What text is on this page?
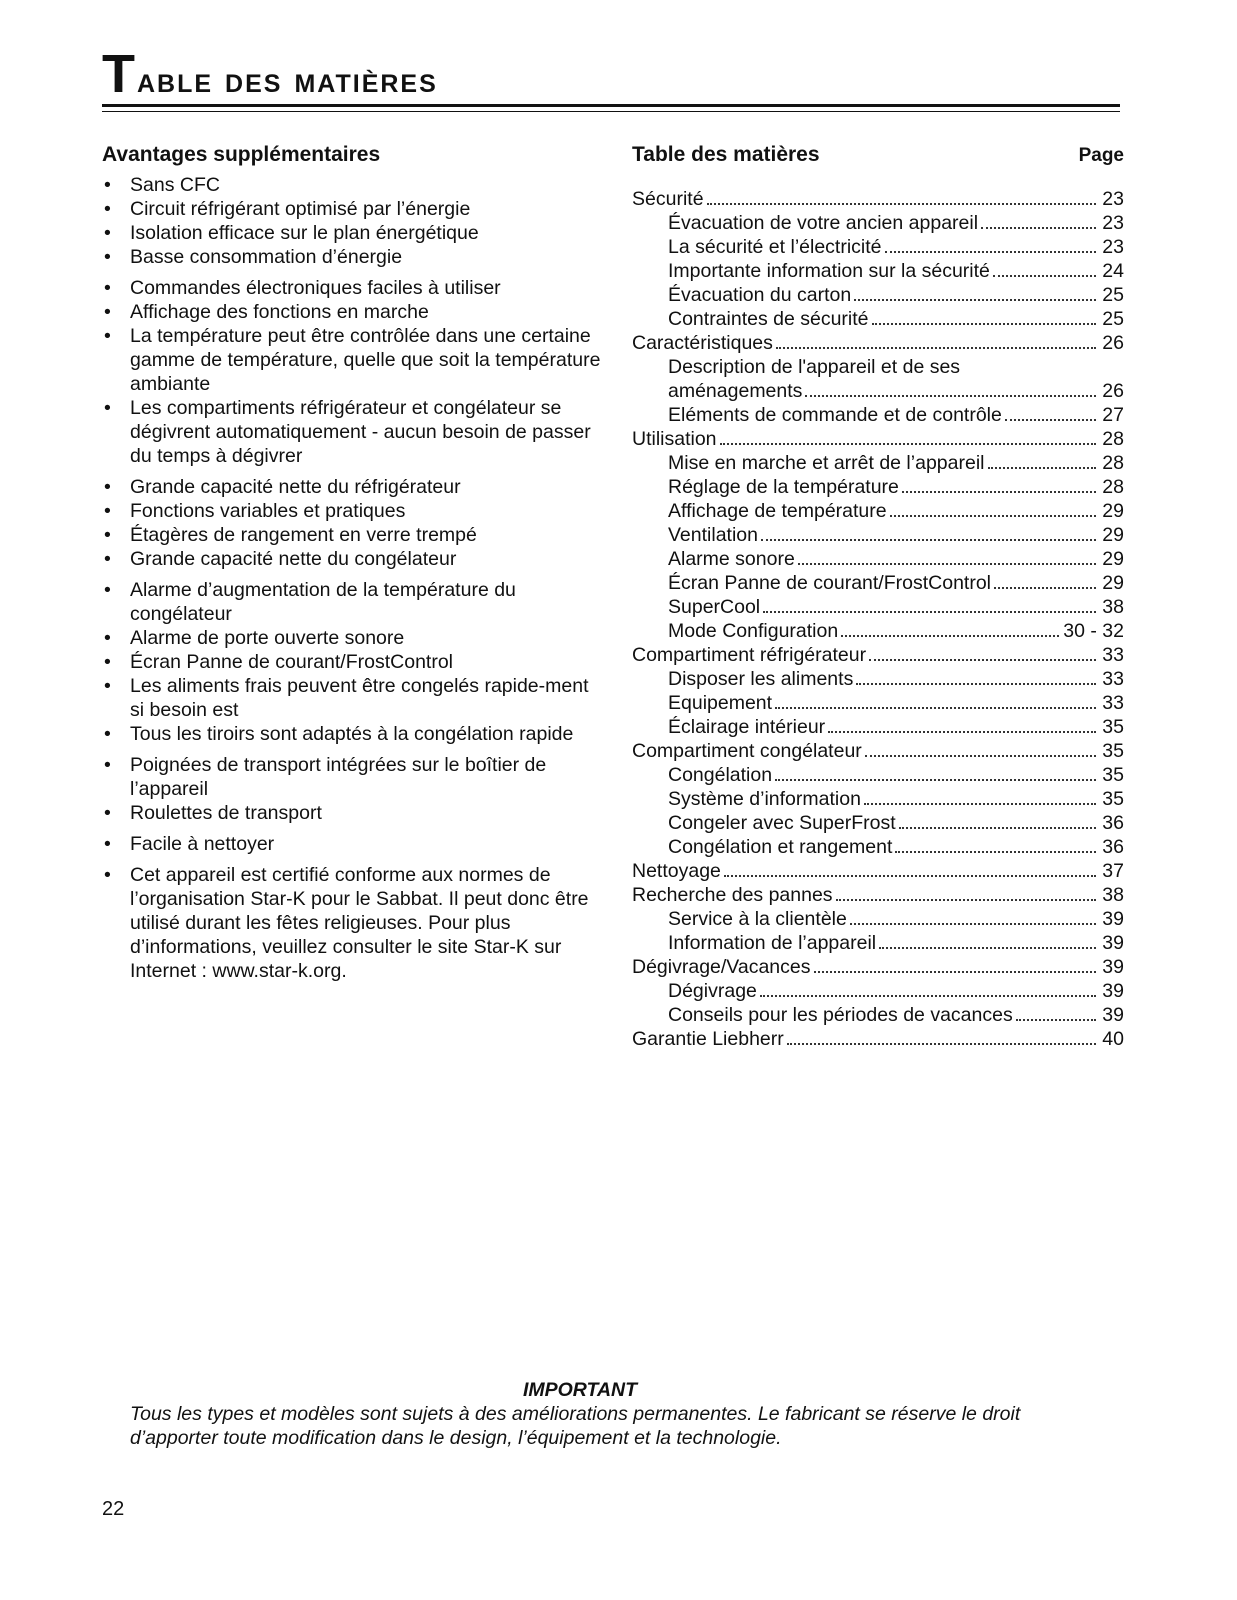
Table des matières
Avantages supplémentaires
• Sans CFC
• Circuit réfrigérant optimisé par l’énergie
• Isolation efficace sur le plan énergétique
• Basse consommation d’énergie
• Commandes électroniques faciles à utiliser
• Affichage des fonctions en marche
• La température peut être contrôlée dans une certaine gamme de température, quelle que soit la température ambiante
• Les compartiments réfrigérateur et congélateur se dégivrent automatiquement - aucun besoin de passer du temps à dégivrer
• Grande capacité nette du réfrigérateur
• Fonctions variables et pratiques
• Étagères de rangement en verre trempé
• Grande capacité nette du congélateur
• Alarme d’augmentation de la température du congélateur
• Alarme de porte ouverte sonore
• Écran Panne de courant/FrostControl
• Les aliments frais peuvent être congelés rapide-ment si besoin est
• Tous les tiroirs sont adaptés à la congélation rapide
• Poignées de transport intégrées sur le boîtier de l’appareil
• Roulettes de transport
• Facile à nettoyer
• Cet appareil est certifié conforme aux normes de l’organisation Star-K pour le Sabbat. Il peut donc être utilisé durant les fêtes religieuses. Pour plus d’informations, veuillez consulter le site Star-K sur Internet : www.star-k.org.
Table des matières	Page
Sécurité	23
Évacuation de votre ancien appareil	23
La sécurité et l’électricité	23
Importante information sur la sécurité	24
Évacuation du carton	25
Contraintes de sécurité	25
Caractéristiques	26
Description de l'appareil et de ses
aménagements	26
Eléments de commande et de contrôle	27
Utilisation	28
Mise en marche et arrêt de l’appareil	28
Réglage de la température	28
Affichage de température	29
Ventilation	29
Alarme sonore	29
Écran Panne de courant/FrostControl	29
SuperCool	38
Mode Configuration	30 - 32
Compartiment réfrigérateur	33
Disposer les aliments	33
Equipement	33
Éclairage intérieur	35
Compartiment congélateur	35
Congélation	35
Système d’information	35
Congeler avec SuperFrost	36
Congélation et rangement	36
Nettoyage	37
Recherche des pannes	38
Service à la clientèle	39
Information de l’appareil	39
Dégivrage/Vacances	39
Dégivrage	39
Conseils pour les périodes de vacances	39
Garantie Liebherr	40
IMPORTANT
Tous les types et modèles sont sujets à des améliorations permanentes. Le fabricant se réserve le droit d’apporter toute modification dans le design, l’équipement et la technologie.
22
